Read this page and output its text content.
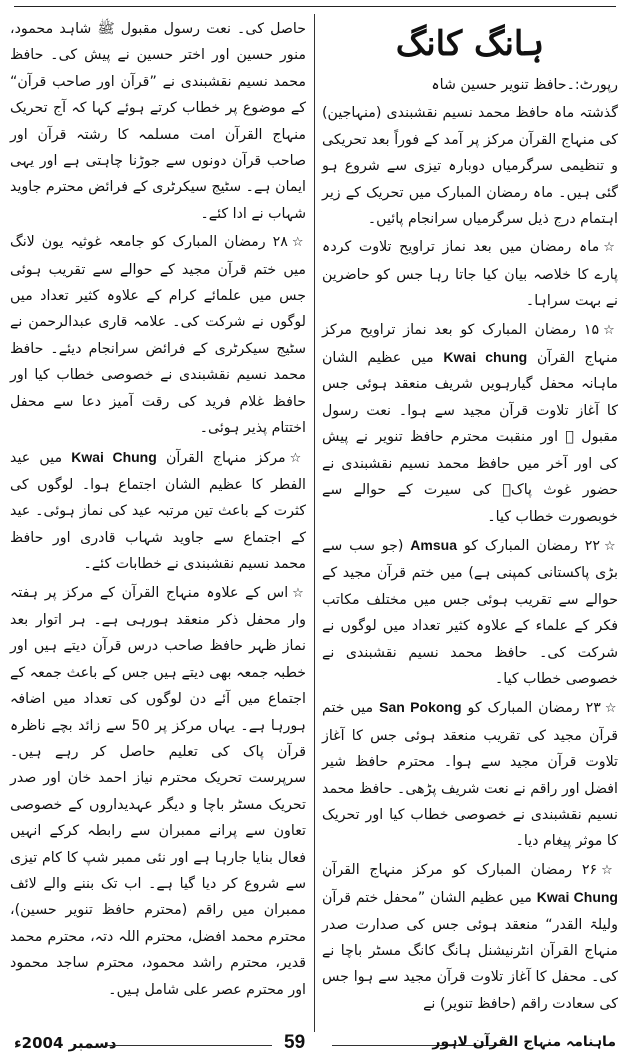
ہانگ کانگ

رپورٹ:۔حافظ تنویر حسین شاہ

گذشتہ ماہ حافظ محمد نسیم نقشبندی (منہاجین) کی منہاج القرآن مرکز پر آمد کے فوراً بعد تحریکی و تنظیمی سرگرمیاں دوبارہ تیزی سے شروع ہو گئی ہیں۔ ماہ رمضان المبارک میں تحریک کے زیر اہتمام درج ذیل سرگرمیاں سرانجام پائیں۔

☆ماہ رمضان میں بعد نماز تراویح تلاوت کردہ پارے کا خلاصہ بیان کیا جاتا رہا جس کو حاضرین نے بہت سراہا۔

☆۱۵ رمضان المبارک کو بعد نماز تراویح مرکز منہاج القرآن Kwai chung میں عظیم الشان ماہانہ محفل گیارہویں شریف منعقد ہوئی جس کا آغاز تلاوت قرآن مجید سے ہوا۔ نعت رسول مقبول ﷺ اور منقبت محترم حافظ تنویر نے پیش کی اور آخر میں حافظ محمد نسیم نقشبندی نے حضور غوث پاکؓ کی سیرت کے حوالے سے خوبصورت خطاب کیا۔

☆۲۲ رمضان المبارک کو Amsua (جو سب سے بڑی پاکستانی کمپنی ہے) میں ختم قرآن مجید کے حوالے سے تقریب ہوئی جس میں مختلف مکاتب فکر کے علماء کے علاوہ کثیر تعداد میں لوگوں نے شرکت کی۔ حافظ محمد نسیم نقشبندی نے خصوصی خطاب کیا۔

☆۲۳ رمضان المبارک کو San Pokong میں ختم قرآن مجید کی تقریب منعقد ہوئی جس کا آغاز تلاوت قرآن مجید سے ہوا۔ محترم حافظ شیر افضل اور راقم نے نعت شریف پڑھی۔ حافظ محمد نسیم نقشبندی نے خصوصی خطاب کیا اور تحریک کا موثر پیغام دیا۔

☆۲۶ رمضان المبارک کو مرکز منہاج القرآن Kwai Chung میں عظیم الشان ”محفل ختم قرآن ولیلۃ القدر“ منعقد ہوئی جس کی صدارت صدر منہاج القرآن انٹرنیشنل ہانگ کانگ مسٹر باچا نے کی۔ محفل کا آغاز تلاوت قرآن مجید سے ہوا جس کی سعادت راقم (حافظ تنویر) نے

حاصل کی۔ نعت رسول مقبول ﷺ شاہد محمود، منور حسین اور اختر حسین نے پیش کی۔ حافظ محمد نسیم نقشبندی نے ”قرآن اور صاحب قرآن“ کے موضوع پر خطاب کرتے ہوئے کہا کہ آج تحریک منہاج القرآن امت مسلمہ کا رشتہ قرآن اور صاحب قرآن دونوں سے جوڑنا چاہتی ہے اور یہی ایمان ہے۔ سٹیج سیکرٹری کے فرائض محترم جاوید شہاب نے ادا کئے۔

☆۲۸ رمضان المبارک کو جامعہ غوثیہ یون لانگ میں ختم قرآن مجید کے حوالے سے تقریب ہوئی جس میں علمائے کرام کے علاوہ کثیر تعداد میں لوگوں نے شرکت کی۔ علامہ قاری عبدالرحمن نے سٹیج سیکرٹری کے فرائض سرانجام دیئے۔ حافظ محمد نسیم نقشبندی نے خصوصی خطاب کیا اور حافظ غلام فرید کی رقت آمیز دعا سے محفل اختتام پذیر ہوئی۔

☆مرکز منہاج القرآن Kwai Chung میں عید الفطر کا عظیم الشان اجتماع ہوا۔ لوگوں کی کثرت کے باعث تین مرتبہ عید کی نماز ہوئی۔ عید کے اجتماع سے جاوید شہاب قادری اور حافظ محمد نسیم نقشبندی نے خطابات کئے۔

☆اس کے علاوہ منہاج القرآن کے مرکز پر ہفتہ وار محفل ذکر منعقد ہورہی ہے۔ ہر اتوار بعد نماز ظہر حافظ صاحب درس قرآن دیتے ہیں اور خطبہ جمعہ بھی دیتے ہیں جس کے باعث جمعہ کے اجتماع میں آئے دن لوگوں کی تعداد میں اضافہ ہورہا ہے۔ یہاں مرکز پر 50 سے زائد بچے ناظرہ قرآن پاک کی تعلیم حاصل کر رہے ہیں۔ سرپرست تحریک محترم نیاز احمد خان اور صدر تحریک مسٹر باچا و دیگر عہدیداروں کے خصوصی تعاون سے پرانے ممبران سے رابطہ کرکے انہیں فعال بنایا جارہا ہے اور نئی ممبر شپ کا کام تیزی سے شروع کر دیا گیا ہے۔ اب تک بننے والے لائف ممبران میں راقم (محترم حافظ تنویر حسین)، محترم محمد افضل، محترم اللہ دتہ، محترم محمد قدیر، محترم راشد محمود، محترم ساجد محمود اور محترم عصر علی شامل ہیں۔

دسمبر 2004ء	59	ماہنامہ منہاج القرآن لاہور
